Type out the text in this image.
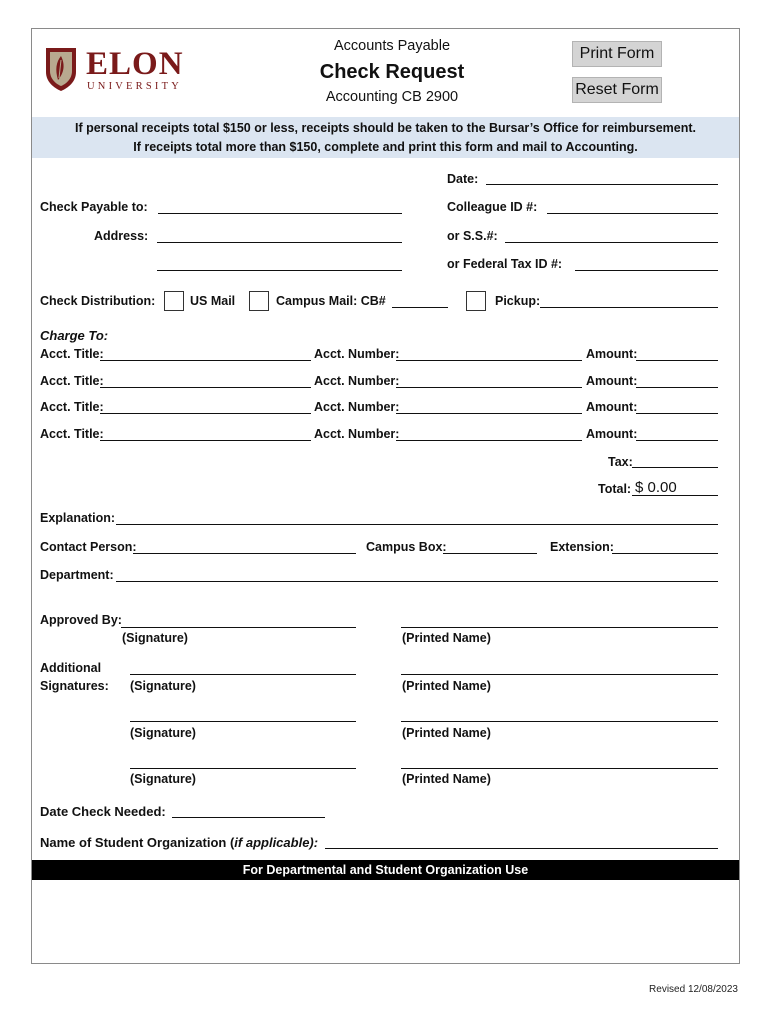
ELON
UNIVERSITY
Accounts Payable
Check Request
Accounting CB 2900
Print Form
Reset Form
If personal receipts total $150 or less, receipts should be taken to the Bursar’s Office for reimbursement.
If receipts total more than $150, complete and print this form and mail to Accounting.
Date:
Check Payable to:	Colleague ID #:
Address:	or S.S.#:
or Federal Tax ID #:
Check Distribution:	US Mail	Campus Mail: CB#	Pickup:
Charge To:
Acct. Title:	Acct. Number:	Amount:
Acct. Title:	Acct. Number:	Amount:
Acct. Title:	Acct. Number:	Amount:
Acct. Title:	Acct. Number:	Amount:
Tax:
Total: $ 0.00
Explanation:
Contact Person:	Campus Box:	Extension:
Department:
Approved By:
(Signature)	(Printed Name)
Additional
Signatures: (Signature)	(Printed Name)
(Signature)	(Printed Name)
(Signature)	(Printed Name)
Date Check Needed:
Name of Student Organization (if applicable):
For Departmental and Student Organization Use
Revised 12/08/2023
